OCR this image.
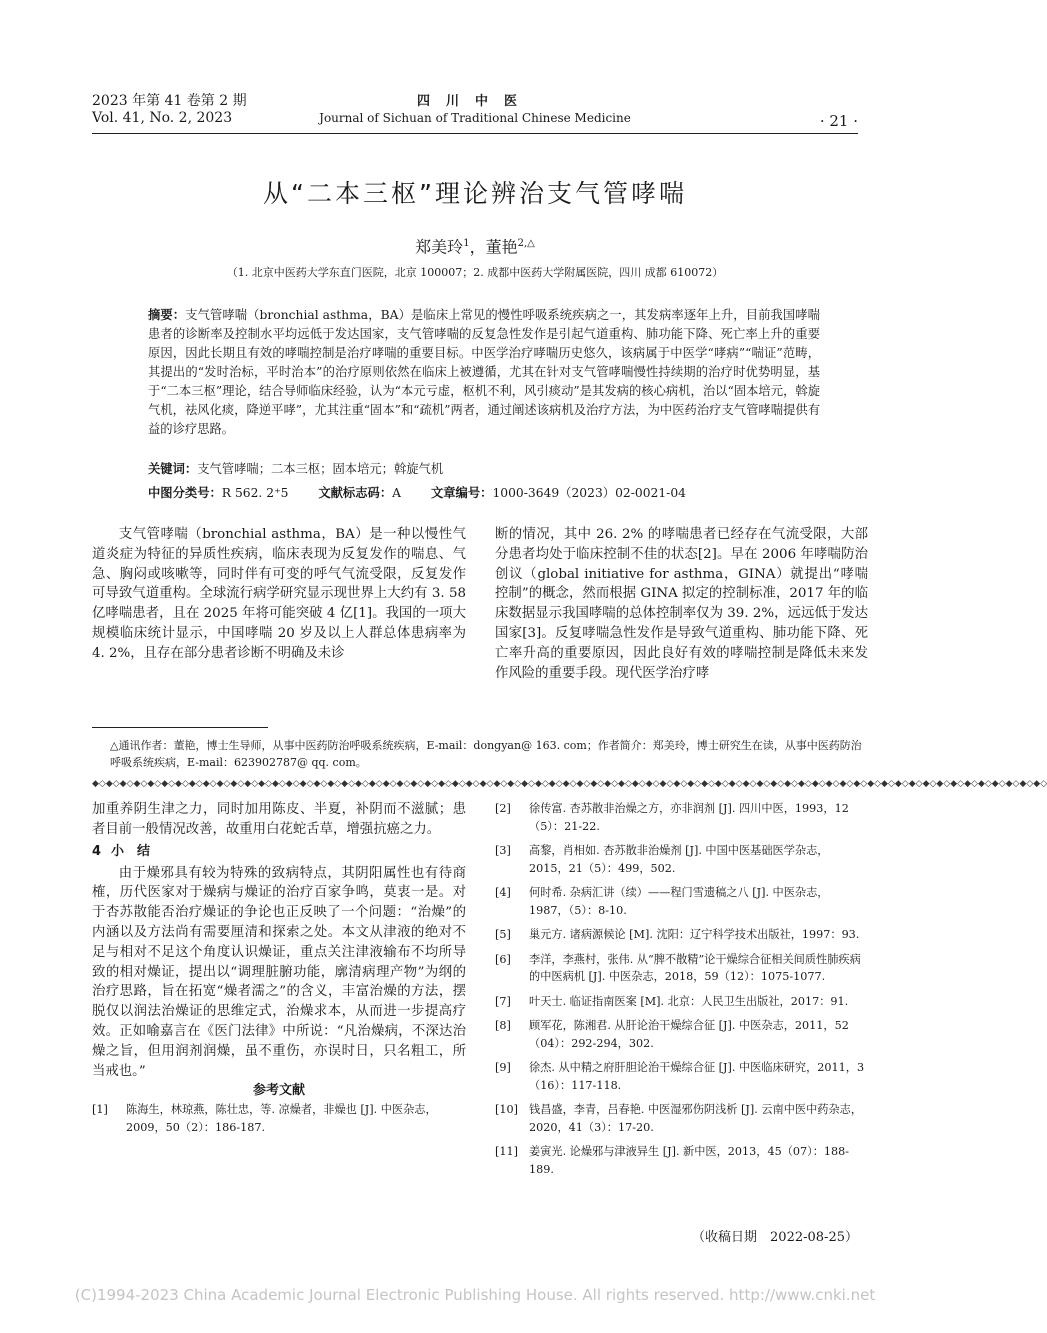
2023 年第 41 卷第 2 期
Vol. 41, No. 2, 2023
四川中医
Journal of Sichuan of Traditional Chinese Medicine	· 21 ·
从“二本三枢”理论辨治支气管哮喘
郑美玲$^1$，董艳$^{2,\triangle}$
（1. 北京中医药大学东直门医院，北京 100007；2. 成都中医药大学附属医院，四川 成都 610072）
摘要：支气管哮喘（bronchial asthma，BA）是临床上常见的慢性呼吸系统疾病之一，其发病率逐年上升，目前我国哮喘患者的诊断率及控制水平均远低于发达国家，支气管哮喘的反复急性发作是引起气道重构、肺功能下降、死亡率上升的重要原因，因此长期且有效的哮喘控制是治疗哮喘的重要目标。中医学治疗哮喘历史悠久，该病属于中医学“哮病”“喘证”范畴，其提出的“发时治标，平时治本”的治疗原则依然在临床上被遵循，尤其在针对支气管哮喘慢性持续期的治疗时优势明显，基于“二本三枢”理论，结合导师临床经验，认为“本元亏虚，枢机不利，风引痰动”是其发病的核心病机，治以“固本培元，斡旋气机，祛风化痰，降逆平哮”，尤其注重“固本”和“疏机”两者，通过阐述该病机及治疗方法，为中医药治疗支气管哮喘提供有益的诊疗思路。
关键词：支气管哮喘；二本三枢；固本培元；斡旋气机
中图分类号：R 562. 2⁺5 文献标志码：A 文章编号：1000-3649（2023）02-0021-04

支气管哮喘（bronchial asthma，BA）是一种以慢性气道炎症为特征的异质性疾病，临床表现为反复发作的喘息、气急、胸闷或咳嗽等，同时伴有可变的呼气气流受限，反复发作可导致气道重构。全球流行病学研究显示现世界上大约有 3. 58 亿哮喘患者，且在 2025 年将可能突破 4 亿[1]。我国的一项大规模临床统计显示，中国哮喘 20 岁及以上人群总体患病率为 4. 2%，且存在部分患者诊断不明确及未诊

断的情况，其中 26. 2% 的哮喘患者已经存在气流受限，大部分患者均处于临床控制不佳的状态[2]。早在 2006 年哮喘防治创议（global initiative for asthma，GINA）就提出“哮喘控制”的概念，然而根据 GINA 拟定的控制标准，2017 年的临床数据显示我国哮喘的总体控制率仅为 39. 2%，远远低于发达国家[3]。反复哮喘急性发作是导致气道重构、肺功能下降、死亡率升高的重要原因，因此良好有效的哮喘控制是降低未来发作风险的重要手段。现代医学治疗哮

△通讯作者：董艳，博士生导师，从事中医药防治呼吸系统疾病，E-mail：dongyan@ 163. com；作者简介：郑美玲，博士研究生在读，从事中医药防治呼吸系统疾病，E-mail：623902787@ qq. com。
◆◇◆◇◆◇◆◇◆◇◆◇◆◇◆◇◆◇◆◇◆◇◆◇◆◇◆◇◆◇◆◇◆◇◆◇◆◇◆◇◆◇◆◇◆◇◆◇◆◇◆◇◆◇◆◇◆◇◆◇◆◇◆◇◆◇◆◇◆◇◆◇◆◇◆◇◆◇◆◇◆◇◆◇◆◇◆◇◆◇◆◇◆◇◆◇◆◇◆◇◆◇◆◇◆◇◆◇◆◇◆◇◆◇◆◇◆◇◆◇◆◇◆◇◆◇◆◇◆◇◆◇◆◇◆◇◆◇

加重养阴生津之力，同时加用陈皮、半夏，补阴而不滋腻；患者目前一般情况改善，故重用白花蛇舌草，增强抗癌之力。

4 小　结

由于燥邪具有较为特殊的致病特点，其阴阳属性也有待商榷，历代医家对于燥病与燥证的治疗百家争鸣，莫衷一是。对于杏苏散能否治疗燥证的争论也正反映了一个问题：“治燥”的内涵以及方法尚有需要厘清和探索之处。本文从津液的绝对不足与相对不足这个角度认识燥证，重点关注津液输布不均所导致的相对燥证，提出以“调理脏腑功能，廓清病理产物”为纲的治疗思路，旨在拓宽“燥者濡之”的含义，丰富治燥的方法，摆脱仅以润法治燥证的思维定式，治燥求本，从而进一步提高疗效。正如喻嘉言在《医门法律》中所说：“凡治燥病，不深达治燥之旨，但用润剂润燥，虽不重伤，亦误时日，只名粗工，所当戒也。”

参考文献
[1]	陈海生，林琼燕，陈壮忠，等. 凉燥者，非燥也 [J]. 中医杂志，2009，50（2）：186-187.
[2]	徐传富. 杏苏散非治燥之方，亦非润剂 [J]. 四川中医，1993，12（5）：21-22.
[3]	高黎，肖相如. 杏苏散非治燥剂 [J]. 中国中医基础医学杂志，2015，21（5）：499，502.
[4]	何时希. 杂病汇讲（续）——程门雪遗稿之八 [J]. 中医杂志，1987，（5）：8-10.
[5]	巢元方. 诸病源候论 [M]. 沈阳：辽宁科学技术出版社，1997：93.
[6]	李洋，李燕村，张伟. 从“脾不散精”论干燥综合征相关间质性肺疾病的中医病机 [J]. 中医杂志，2018，59（12）：1075-1077.
[7]	叶天士. 临证指南医案 [M]. 北京：人民卫生出版社，2017：91.
[8]	顾军花，陈湘君. 从肝论治干燥综合征 [J]. 中医杂志，2011，52（04）：292-294，302.
[9]	徐杰. 从中精之府肝胆论治干燥综合征 [J]. 中医临床研究，2011，3（16）：117-118.
[10] 钱昌盛，李青，吕春艳. 中医湿邪伤阴浅析 [J]. 云南中医中药杂志，2020，41（3）：17-20.
[11] 姜寅光. 论燥邪与津液异生 [J]. 新中医，2013，45（07）：188-189.
（收稿日期　2022-08-25）
(C)1994-2023 China Academic Journal Electronic Publishing House. All rights reserved. http://www.cnki.net
